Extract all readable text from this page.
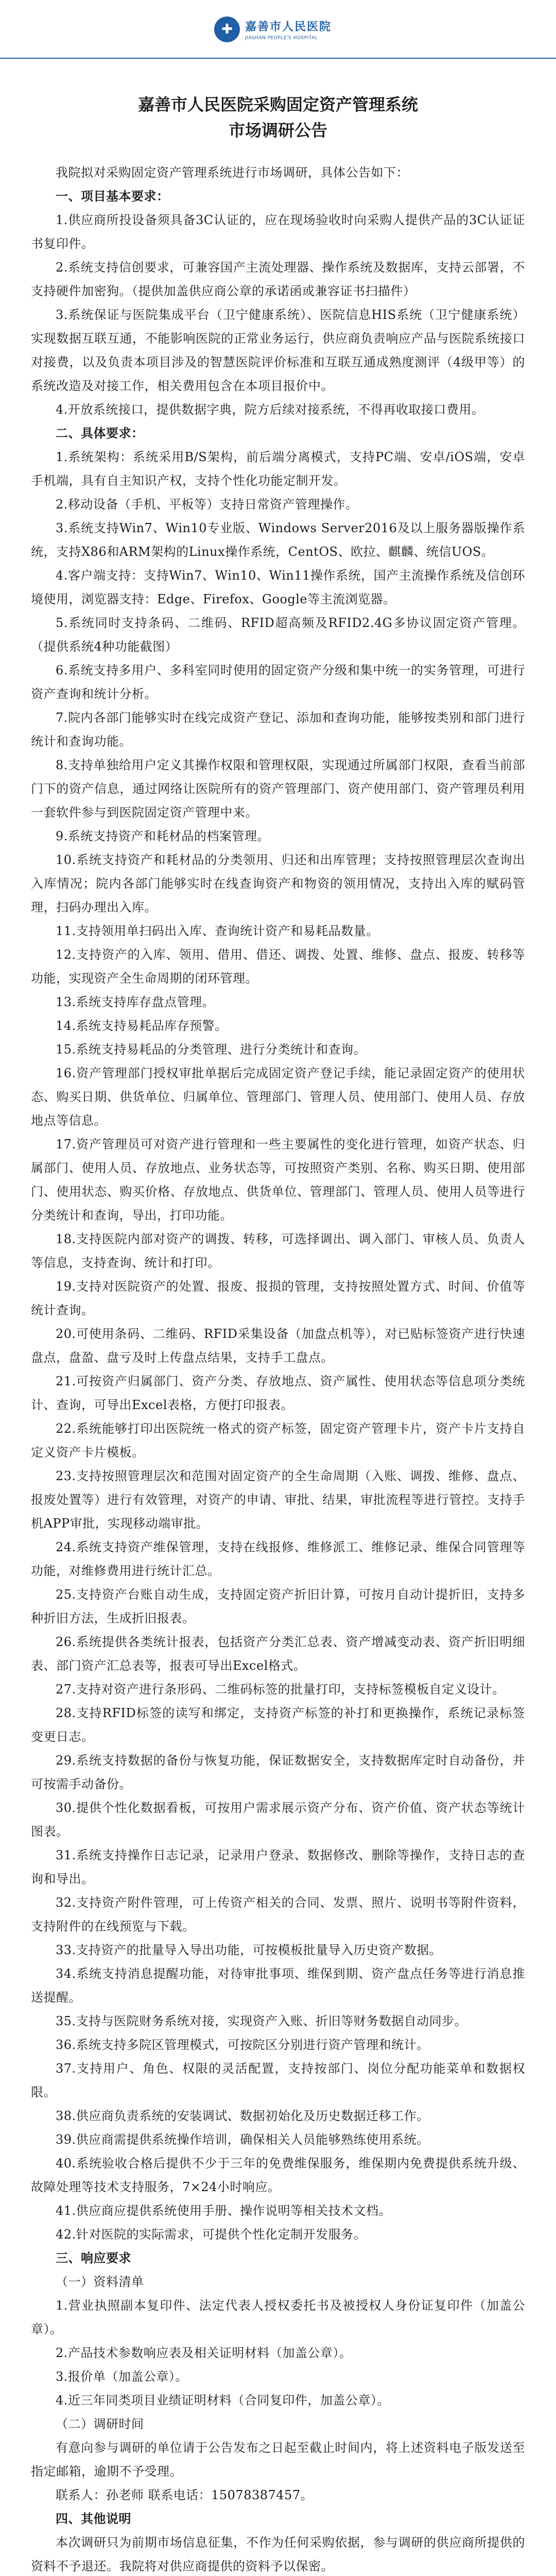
✚	嘉善市人民医院
JIASHAN PEOPLE'S HOSPITAL
嘉善市人民医院采购固定资产管理系统
市场调研公告

我院拟对采购固定资产管理系统进行市场调研，具体公告如下：

一、项目基本要求：

1.供应商所投设备须具备3C认证的，应在现场验收时向采购人提供产品的3C认证证书复印件。

2.系统支持信创要求，可兼容国产主流处理器、操作系统及数据库，支持云部署，不支持硬件加密狗。（提供加盖供应商公章的承诺函或兼容证书扫描件）

3.系统保证与医院集成平台（卫宁健康系统）、医院信息HIS系统（卫宁健康系统）实现数据互联互通，不能影响医院的正常业务运行，供应商负责响应产品与医院系统接口对接费，以及负责本项目涉及的智慧医院评价标准和互联互通成熟度测评（4级甲等）的系统改造及对接工作，相关费用包含在本项目报价中。

4.开放系统接口，提供数据字典，院方后续对接系统，不得再收取接口费用。

二、具体要求：

1.系统架构：系统采用B/S架构，前后端分离模式，支持PC端、安卓/iOS端，安卓手机端，具有自主知识产权，支持个性化功能定制开发。

2.移动设备（手机、平板等）支持日常资产管理操作。

3.系统支持Win7、Win10专业版、Windows Server2016及以上服务器版操作系统，支持X86和ARM架构的Linux操作系统，CentOS、欧拉、麒麟、统信UOS。

4.客户端支持：支持Win7、Win10、Win11操作系统，国产主流操作系统及信创环境使用，浏览器支持：Edge、Firefox、Google等主流浏览器。

5.系统同时支持条码、二维码、RFID超高频及RFID2.4G多协议固定资产管理。（提供系统4种功能截图）

6.系统支持多用户、多科室同时使用的固定资产分级和集中统一的实务管理，可进行资产查询和统计分析。

7.院内各部门能够实时在线完成资产登记、添加和查询功能，能够按类别和部门进行统计和查询功能。

8.支持单独给用户定义其操作权限和管理权限，实现通过所属部门权限，查看当前部门下的资产信息，通过网络让医院所有的资产管理部门、资产使用部门、资产管理员利用一套软件参与到医院固定资产管理中来。

9.系统支持资产和耗材品的档案管理。

10.系统支持资产和耗材品的分类领用、归还和出库管理；支持按照管理层次查询出入库情况；院内各部门能够实时在线查询资产和物资的领用情况，支持出入库的赋码管理，扫码办理出入库。

11.支持领用单扫码出入库、查询统计资产和易耗品数量。

12.支持资产的入库、领用、借用、借还、调拨、处置、维修、盘点、报废、转移等功能，实现资产全生命周期的闭环管理。

13.系统支持库存盘点管理。

14.系统支持易耗品库存预警。

15.系统支持易耗品的分类管理、进行分类统计和查询。

16.资产管理部门授权审批单据后完成固定资产登记手续，能记录固定资产的使用状态、购买日期、供货单位、归属单位、管理部门、管理人员、使用部门、使用人员、存放地点等信息。

17.资产管理员可对资产进行管理和一些主要属性的变化进行管理，如资产状态、归属部门、使用人员、存放地点、业务状态等，可按照资产类别、名称、购买日期、使用部门、使用状态、购买价格、存放地点、供货单位、管理部门、管理人员、使用人员等进行分类统计和查询，导出，打印功能。

18.支持医院内部对资产的调拨、转移，可选择调出、调入部门、审核人员、负责人等信息，支持查询、统计和打印。

19.支持对医院资产的处置、报废、报损的管理，支持按照处置方式、时间、价值等统计查询。

20.可使用条码、二维码、RFID采集设备（加盘点机等），对已贴标签资产进行快速盘点，盘盈、盘亏及时上传盘点结果，支持手工盘点。

21.可按资产归属部门、资产分类、存放地点、资产属性、使用状态等信息项分类统计、查询，可导出Excel表格，方便打印报表。

22.系统能够打印出医院统一格式的资产标签，固定资产管理卡片，资产卡片支持自定义资产卡片模板。

23.支持按照管理层次和范围对固定资产的全生命周期（入账、调拨、维修、盘点、报废处置等）进行有效管理，对资产的申请、审批、结果，审批流程等进行管控。支持手机APP审批，实现移动端审批。

24.系统支持资产维保管理，支持在线报修、维修派工、维修记录、维保合同管理等功能，对维修费用进行统计汇总。

25.支持资产台账自动生成，支持固定资产折旧计算，可按月自动计提折旧，支持多种折旧方法，生成折旧报表。

26.系统提供各类统计报表，包括资产分类汇总表、资产增减变动表、资产折旧明细表、部门资产汇总表等，报表可导出Excel格式。

27.支持对资产进行条形码、二维码标签的批量打印，支持标签模板自定义设计。

28.支持RFID标签的读写和绑定，支持资产标签的补打和更换操作，系统记录标签变更日志。

29.系统支持数据的备份与恢复功能，保证数据安全，支持数据库定时自动备份，并可按需手动备份。

30.提供个性化数据看板，可按用户需求展示资产分布、资产价值、资产状态等统计图表。

31.系统支持操作日志记录，记录用户登录、数据修改、删除等操作，支持日志的查询和导出。

32.支持资产附件管理，可上传资产相关的合同、发票、照片、说明书等附件资料，支持附件的在线预览与下载。

33.支持资产的批量导入导出功能，可按模板批量导入历史资产数据。

34.系统支持消息提醒功能，对待审批事项、维保到期、资产盘点任务等进行消息推送提醒。

35.支持与医院财务系统对接，实现资产入账、折旧等财务数据自动同步。

36.系统支持多院区管理模式，可按院区分别进行资产管理和统计。

37.支持用户、角色、权限的灵活配置，支持按部门、岗位分配功能菜单和数据权限。

38.供应商负责系统的安装调试、数据初始化及历史数据迁移工作。

39.供应商需提供系统操作培训，确保相关人员能够熟练使用系统。

40.系统验收合格后提供不少于三年的免费维保服务，维保期内免费提供系统升级、故障处理等技术支持服务，7×24小时响应。

41.供应商应提供系统使用手册、操作说明等相关技术文档。

42.针对医院的实际需求，可提供个性化定制开发服务。

三、响应要求

（一）资料清单

1.营业执照副本复印件、法定代表人授权委托书及被授权人身份证复印件（加盖公章）。

2.产品技术参数响应表及相关证明材料（加盖公章）。

3.报价单（加盖公章）。

4.近三年同类项目业绩证明材料（合同复印件，加盖公章）。

（二）调研时间

有意向参与调研的单位请于公告发布之日起至截止时间内，将上述资料电子版发送至指定邮箱，逾期不予受理。

联系人：孙老师 联系电话：15078387457。

四、其他说明

本次调研只为前期市场信息征集，不作为任何采购依据，参与调研的供应商所提供的资料不予退还。我院将对供应商提供的资料予以保密。
